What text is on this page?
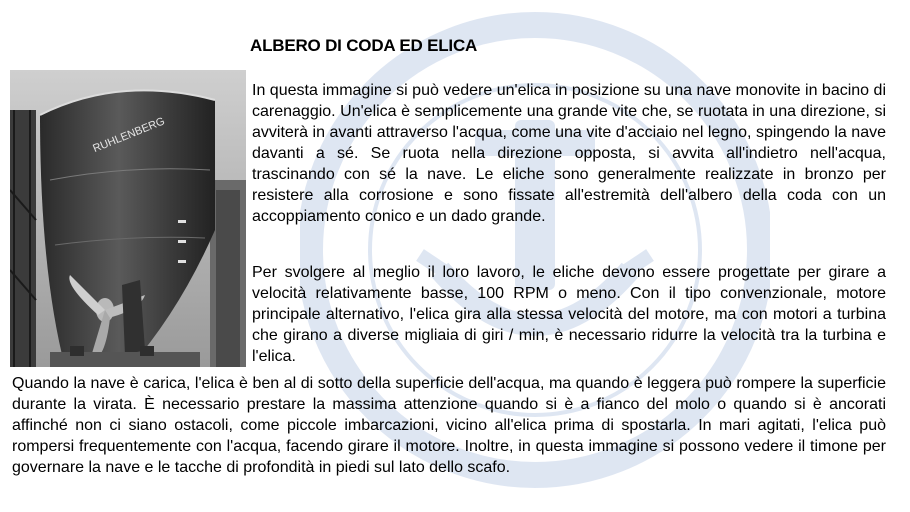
ALBERO DI CODA ED ELICA
RUHLENBERG

In questa immagine si può vedere un'elica in posizione su una nave monovite in bacino di carenaggio. Un'elica è semplicemente una grande vite che, se ruotata in una direzione, si avviterà in avanti attraverso l'acqua, come una vite d'acciaio nel legno, spingendo la nave davanti a sé. Se ruota nella direzione opposta, si avvita all'indietro nell'acqua, trascinando con sé la nave. Le eliche sono generalmente realizzate in bronzo per resistere alla corrosione e sono fissate all'estremità dell'albero della coda con un accoppiamento conico e un dado grande.

Per svolgere al meglio il loro lavoro, le eliche devono essere progettate per girare a velocità relativamente basse, 100 RPM o meno. Con il tipo convenzionale, motore principale alternativo, l'elica gira alla stessa velocità del motore, ma con motori a turbina che girano a diverse migliaia di giri / min, è necessario ridurre la velocità tra la turbina e l'elica.

Quando la nave è carica, l'elica è ben al di sotto della superficie dell'acqua, ma quando è leggera può rompere la superficie durante la virata. È necessario prestare la massima attenzione quando si è a fianco del molo o quando si è ancorati affinché non ci siano ostacoli, come piccole imbarcazioni, vicino all'elica prima di spostarla. In mari agitati, l'elica può rompersi frequentemente con l'acqua, facendo girare il motore. Inoltre, in questa immagine si possono vedere il timone per governare la nave e le tacche di profondità in piedi sul lato dello scafo.
